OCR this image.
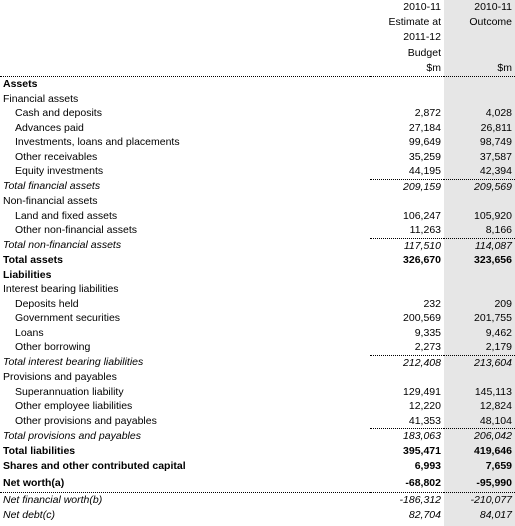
	2010-11	2010-11
	Estimate at	Outcome
	2011-12	
	Budget	
	$m	$m
Assets		
Financial assets		
Cash and deposits	2,872	4,028
Advances paid	27,184	26,811
Investments, loans and placements	99,649	98,749
Other receivables	35,259	37,587
Equity investments	44,195	42,394
Total financial assets	209,159	209,569
Non-financial assets		
Land and fixed assets	106,247	105,920
Other non-financial assets	11,263	8,166
Total non-financial assets	117,510	114,087
Total assets	326,670	323,656
Liabilities		
Interest bearing liabilities		
Deposits held	232	209
Government securities	200,569	201,755
Loans	9,335	9,462
Other borrowing	2,273	2,179
Total interest bearing liabilities	212,408	213,604
Provisions and payables		
Superannuation liability	129,491	145,113
Other employee liabilities	12,220	12,824
Other provisions and payables	41,353	48,104
Total provisions and payables	183,063	206,042
Total liabilities	395,471	419,646
Shares and other contributed capital	6,993	7,659
Net worth(a)	-68,802	-95,990
Net financial worth(b)	-186,312	-210,077
Net debt(c)	82,704	84,017
